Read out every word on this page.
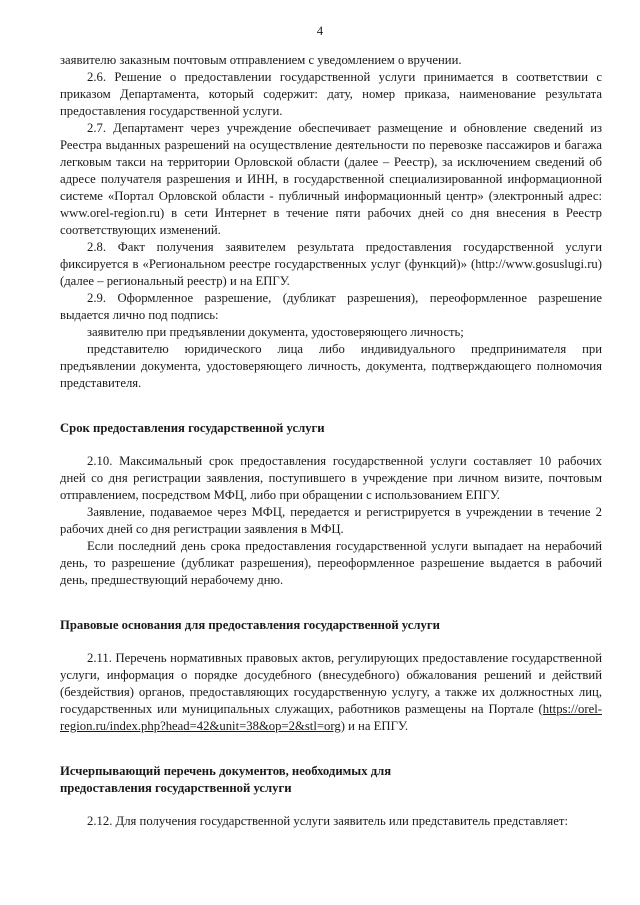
4

заявителю заказным почтовым отправлением с уведомлением о вручении.

2.6. Решение о предоставлении государственной услуги принимается в соответствии с приказом Департамента, который содержит: дату, номер приказа, наименование результата предоставления государственной услуги.

2.7. Департамент через учреждение обеспечивает размещение и обновление сведений из Реестра выданных разрешений на осуществление деятельности по перевозке пассажиров и багажа легковым такси на территории Орловской области (далее – Реестр), за исключением сведений об адресе получателя разрешения и ИНН, в государственной специализированной информационной системе «Портал Орловской области - публичный информационный центр» (электронный адрес: www.orel-region.ru) в сети Интернет в течение пяти рабочих дней со дня внесения в Реестр соответствующих изменений.

2.8. Факт получения заявителем результата предоставления государственной услуги фиксируется в «Региональном реестре государственных услуг (функций)» (http://www.gosuslugi.ru) (далее – региональный реестр) и на ЕПГУ.

2.9. Оформленное разрешение, (дубликат разрешения), переоформленное разрешение выдается лично под подпись:

заявителю при предъявлении документа, удостоверяющего личность;

представителю юридического лица либо индивидуального предпринимателя при предъявлении документа, удостоверяющего личность, документа, подтверждающего полномочия представителя.

Срок предоставления государственной услуги

2.10. Максимальный срок предоставления государственной услуги составляет 10 рабочих дней со дня регистрации заявления, поступившего в учреждение при личном визите, почтовым отправлением, посредством МФЦ, либо при обращении с использованием ЕПГУ.

Заявление, подаваемое через МФЦ, передается и регистрируется в учреждении в течение 2 рабочих дней со дня регистрации заявления в МФЦ.

Если последний день срока предоставления государственной услуги выпадает на нерабочий день, то разрешение (дубликат разрешения), переоформленное разрешение выдается в рабочий день, предшествующий нерабочему дню.

Правовые основания для предоставления государственной услуги

2.11. Перечень нормативных правовых актов, регулирующих предоставление государственной услуги, информация о порядке досудебного (внесудебного) обжалования решений и действий (бездействия) органов, предоставляющих государственную услугу, а также их должностных лиц, государственных или муниципальных служащих, работников размещены на Портале (https://orel-region.ru/index.php?head=42&unit=38&op=2&stl=org) и на ЕПГУ.

Исчерпывающий перечень документов, необходимых для

предоставления государственной услуги

2.12. Для получения государственной услуги заявитель или представитель представляет:
